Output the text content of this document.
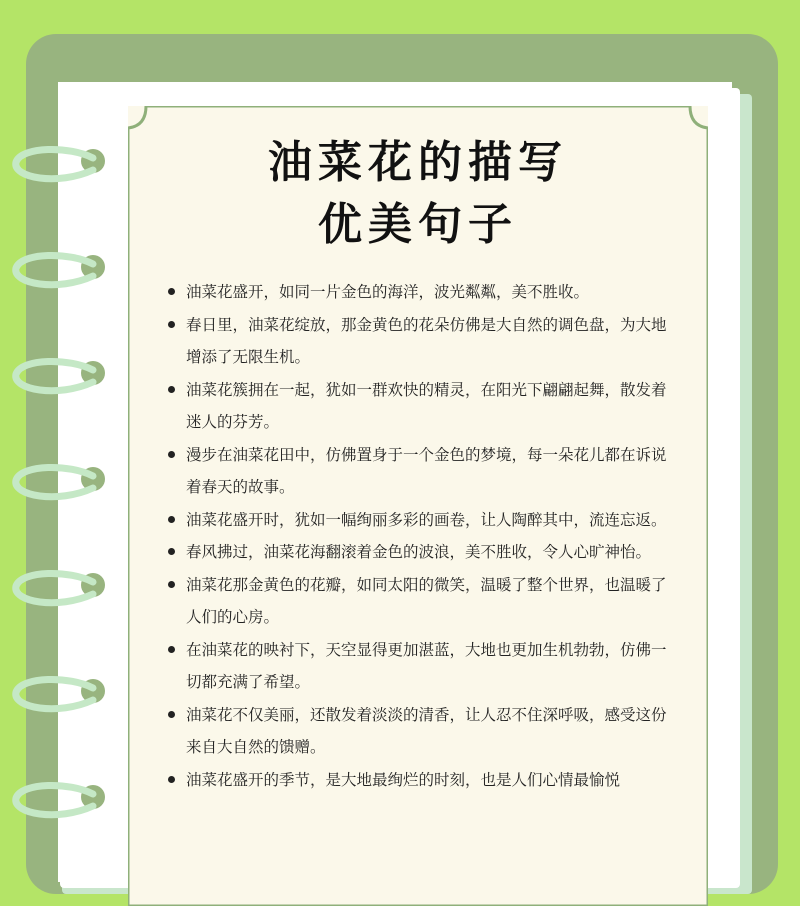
油菜花的描写
优美句子
油菜花盛开，如同一片金色的海洋，波光粼粼，美不胜收。
春日里，油菜花绽放，那金黄色的花朵仿佛是大自然的调色盘，为大地增添了无限生机。
油菜花簇拥在一起，犹如一群欢快的精灵，在阳光下翩翩起舞，散发着迷人的芬芳。
漫步在油菜花田中，仿佛置身于一个金色的梦境，每一朵花儿都在诉说着春天的故事。
油菜花盛开时，犹如一幅绚丽多彩的画卷，让人陶醉其中，流连忘返。
春风拂过，油菜花海翻滚着金色的波浪，美不胜收，令人心旷神怡。
油菜花那金黄色的花瓣，如同太阳的微笑，温暖了整个世界，也温暖了人们的心房。
在油菜花的映衬下，天空显得更加湛蓝，大地也更加生机勃勃，仿佛一切都充满了希望。
油菜花不仅美丽，还散发着淡淡的清香，让人忍不住深呼吸，感受这份来自大自然的馈赠。
油菜花盛开的季节，是大地最绚烂的时刻，也是人们心情最愉悦
